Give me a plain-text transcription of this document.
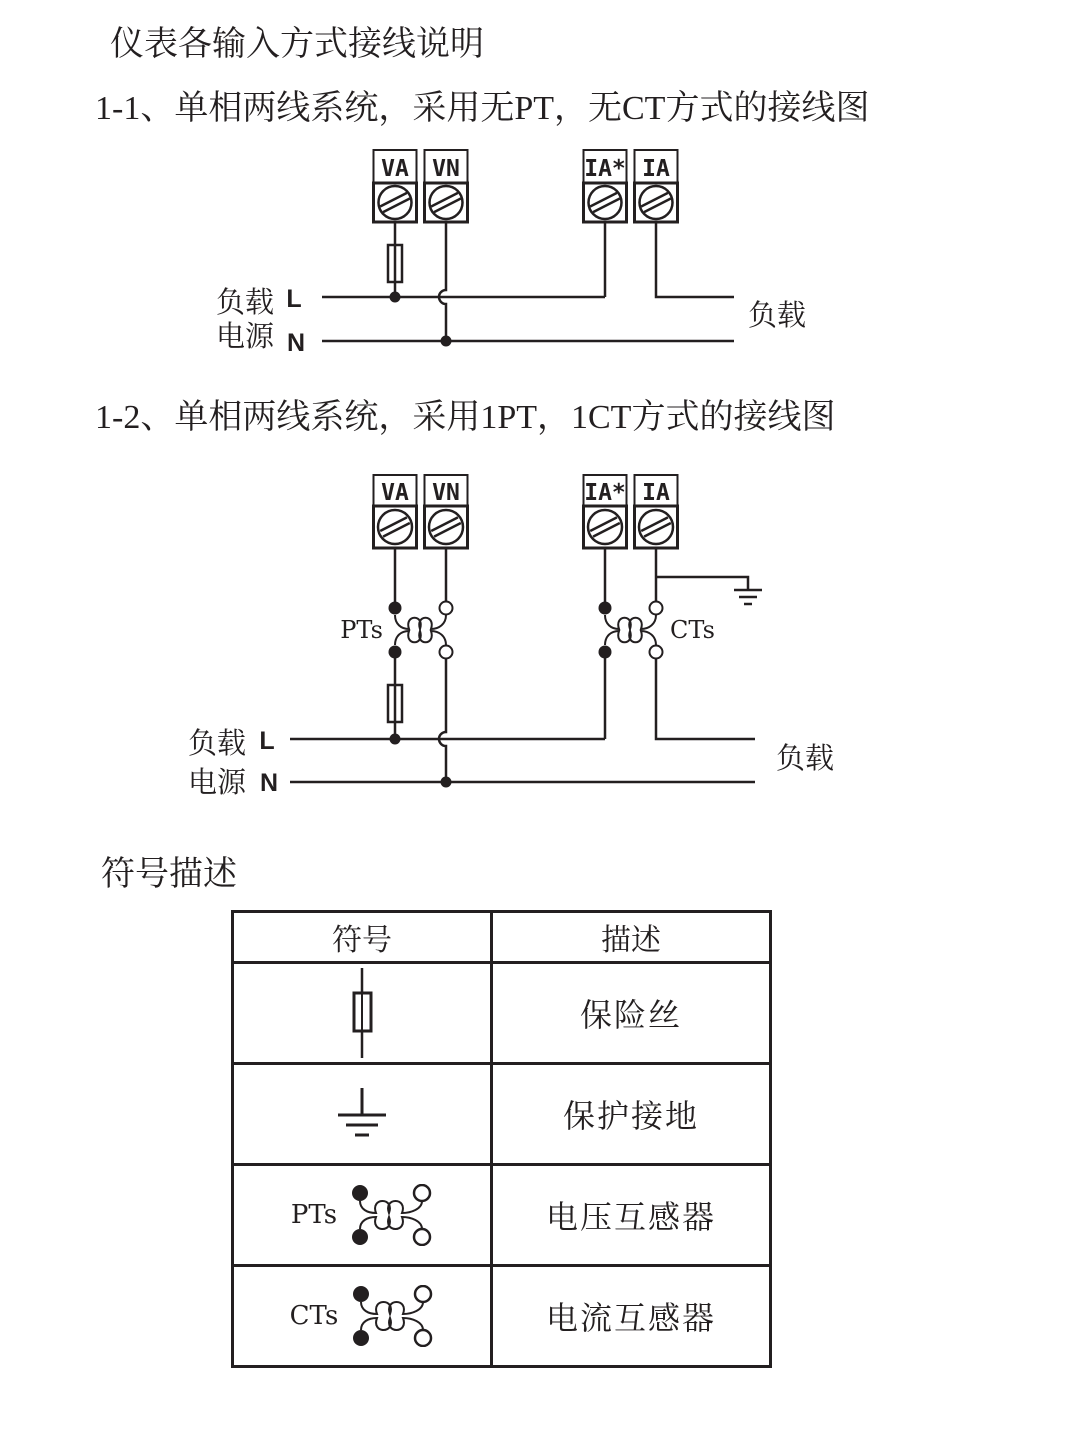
仪表各输入方式接线说明
1-1、单相两线系统，采用无PT，无CT方式的接线图
1-2、单相两线系统，采用1PT，1CT方式的接线图
符号描述
VA VN	IA* IA
负载
电源
L
N
负载
PTs	CTs
VA VN	IA* IA
负载
电源
L
N
负载
符号	描述

	保险丝

	保护接地

PTs	电压互感器

CTs	电流互感器
